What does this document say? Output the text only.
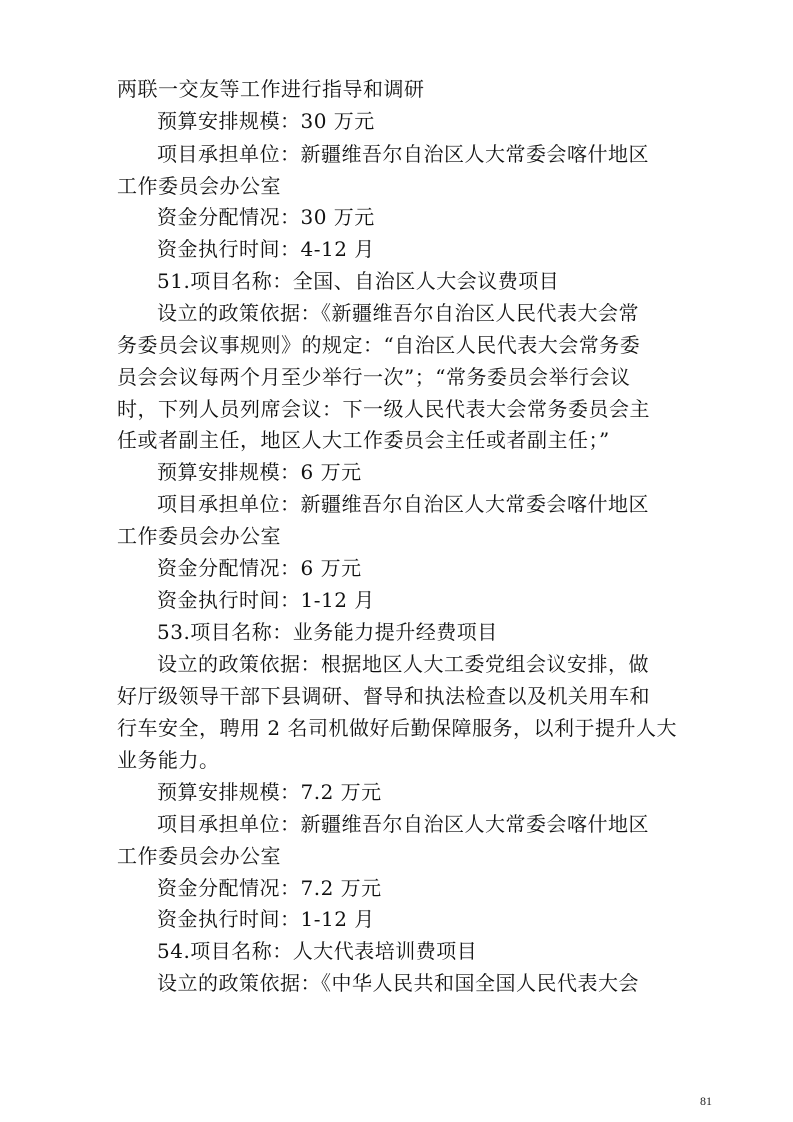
两联一交友等工作进行指导和调研
预算安排规模：30 万元
项目承担单位：新疆维吾尔自治区人大常委会喀什地区
工作委员会办公室
资金分配情况：30 万元
资金执行时间：4-12 月
51.项目名称：全国、自治区人大会议费项目
设立的政策依据：《新疆维吾尔自治区人民代表大会常
务委员会议事规则》的规定：“自治区人民代表大会常务委
员会会议每两个月至少举行一次”；“常务委员会举行会议
时，下列人员列席会议：下一级人民代表大会常务委员会主
任或者副主任，地区人大工作委员会主任或者副主任；”
预算安排规模：6 万元
项目承担单位：新疆维吾尔自治区人大常委会喀什地区
工作委员会办公室
资金分配情况：6 万元
资金执行时间：1-12 月
53.项目名称：业务能力提升经费项目
设立的政策依据：根据地区人大工委党组会议安排，做
好厅级领导干部下县调研、督导和执法检查以及机关用车和
行车安全，聘用 2 名司机做好后勤保障服务，以利于提升人大
业务能力。
预算安排规模：7.2 万元
项目承担单位：新疆维吾尔自治区人大常委会喀什地区
工作委员会办公室
资金分配情况：7.2 万元
资金执行时间：1-12 月
54.项目名称：人大代表培训费项目
设立的政策依据：《中华人民共和国全国人民代表大会
81
